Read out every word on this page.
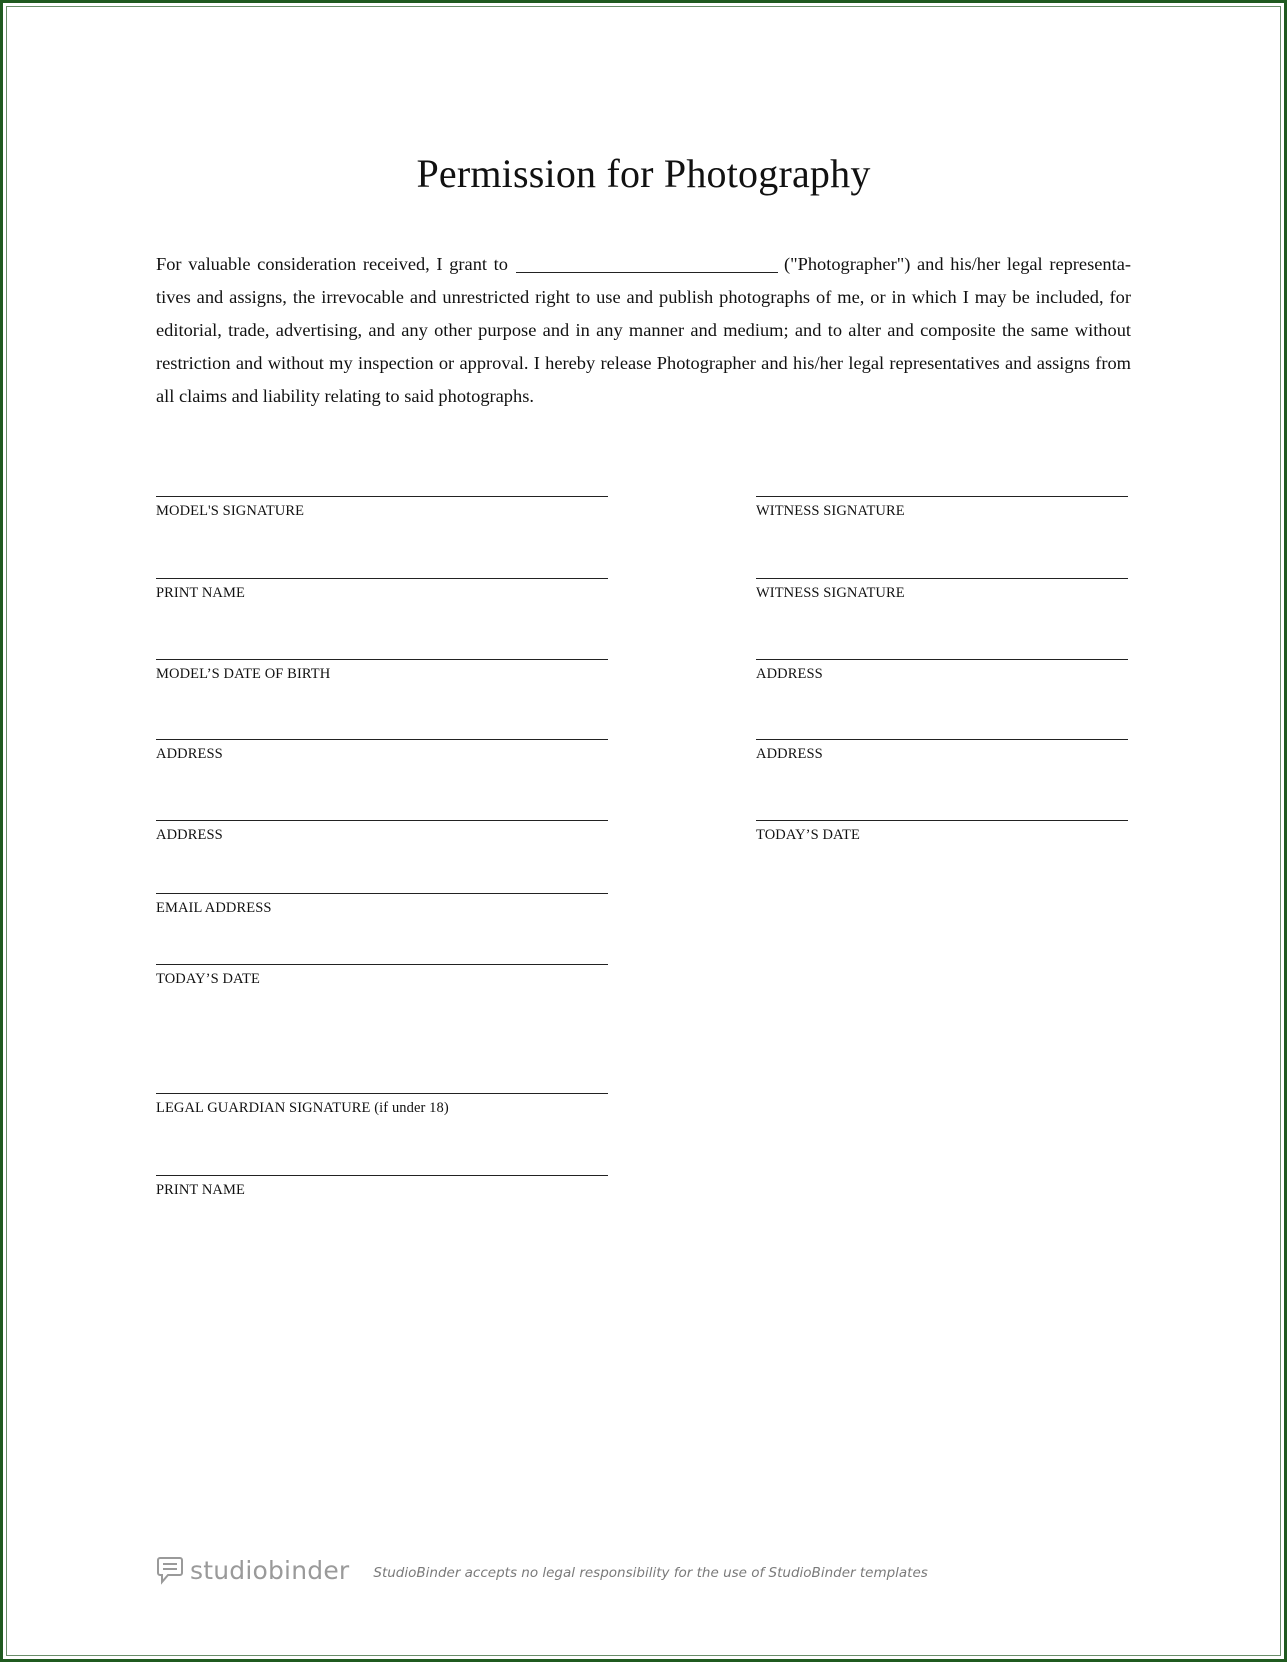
Permission for Photography

For valuable consideration received, I grant to	("Photographer") and his/her legal representa-tives and assigns, the irrevocable and unrestricted right to use and publish photographs of me, or in which I may be included, for editorial, trade, advertising, and any other purpose and in any manner and medium; and to alter and composite the same without restriction and without my inspection or approval. I hereby release Photographer and his/her legal representatives and assigns from all claims and liability relating to said photographs.

MODEL'S SIGNATURE
PRINT NAME
MODEL’S DATE OF BIRTH
ADDRESS
ADDRESS
EMAIL ADDRESS
TODAY’S DATE
LEGAL GUARDIAN SIGNATURE (if under 18)
PRINT NAME
WITNESS SIGNATURE
WITNESS SIGNATURE
ADDRESS
ADDRESS
TODAY’S DATE
studiobinder StudioBinder accepts no legal responsibility for the use of StudioBinder templates
